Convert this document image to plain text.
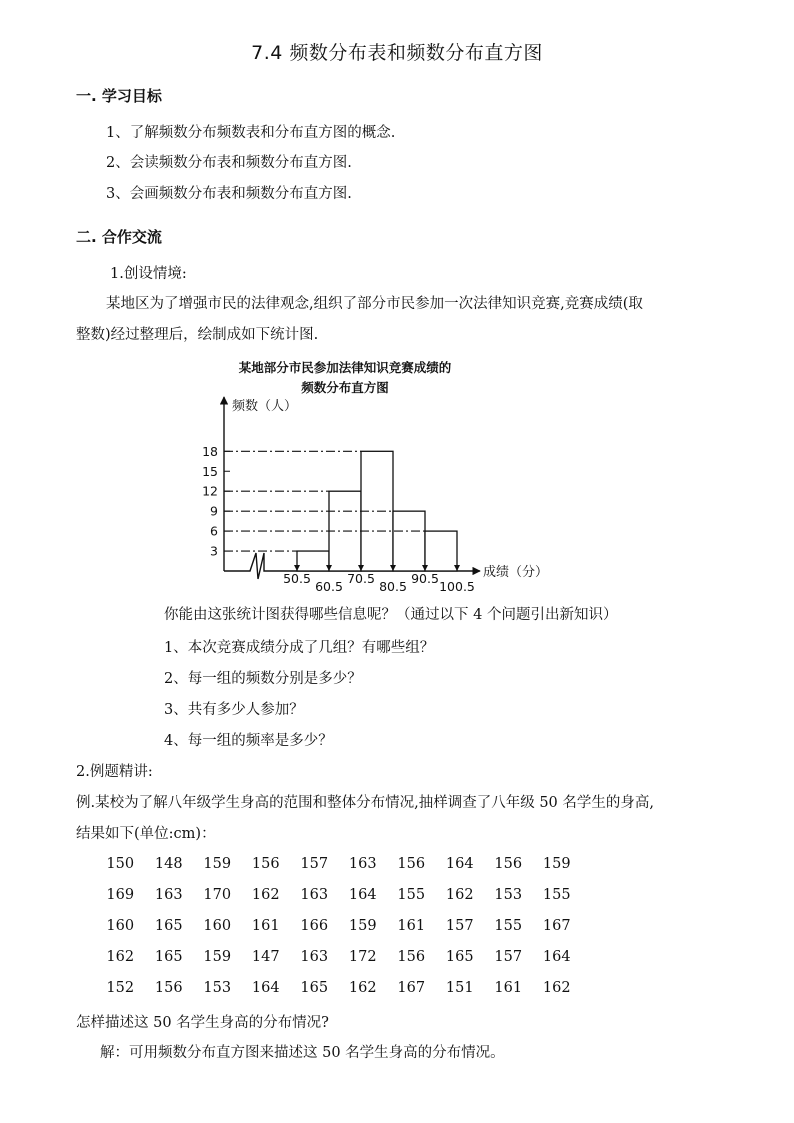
7.4 频数分布表和频数分布直方图
一. 学习目标
1、了解频数分布频数表和分布直方图的概念.
2、会读频数分布表和频数分布直方图.
3、会画频数分布表和频数分布直方图.
二. 合作交流
1.创设情境:
某地区为了增强市民的法律观念,组织了部分市民参加一次法律知识竞赛,竞赛成绩(取
整数)经过整理后，绘制成如下统计图.
某地部分市民参加法律知识竞赛成绩的
频数分布直方图
频数（人）
成绩（分）
3
6
9
12
15
18
50.5
60.5
70.5
80.5
90.5
100.5
你能由这张统计图获得哪些信息呢？（通过以下 4 个问题引出新知识）
1、本次竞赛成绩分成了几组？有哪些组？
2、每一组的频数分别是多少？
3、共有多少人参加？
4、每一组的频率是多少？
2.例题精讲:
例.某校为了解八年级学生身高的范围和整体分布情况,抽样调查了八年级 50 名学生的身高,
结果如下(单位:cm)：
150	148	159	156	157	163	156	164	156	159
169	163	170	162	163	164	155	162	153	155
160	165	160	161	166	159	161	157	155	167
162	165	159	147	163	172	156	165	157	164
152	156	153	164	165	162	167	151	161	162
怎样描述这 50 名学生身高的分布情况?
解：可用频数分布直方图来描述这 50 名学生身高的分布情况。
